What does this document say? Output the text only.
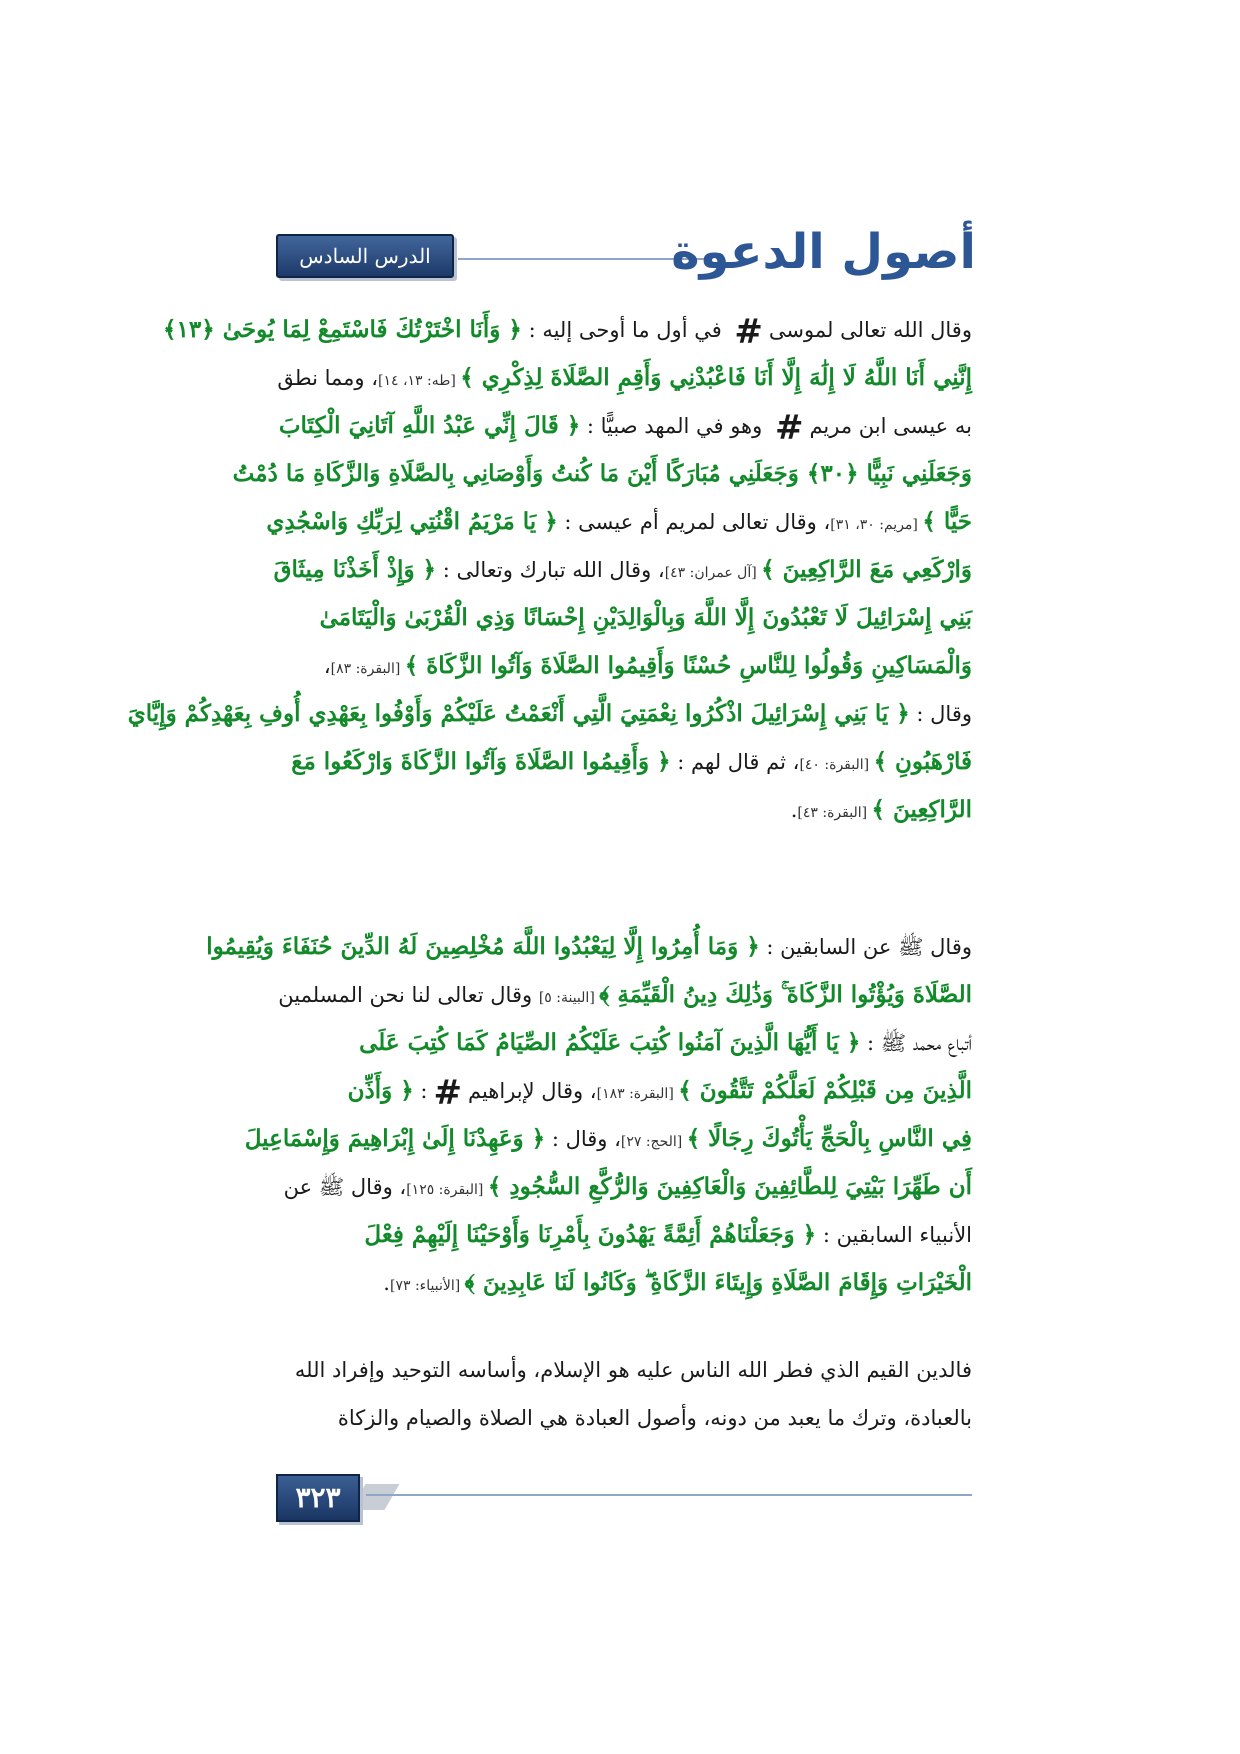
الدرس السادس عشر
أصول الدعوة
وقال الله تعالى لموسى# في أول ما أوحى إليه : ﴿ وَأَنَا اخْتَرْتُكَ فَاسْتَمِعْ لِمَا يُوحَىٰ ﴿١٣﴾
إِنَّنِي أَنَا اللَّهُ لَا إِلَٰهَ إِلَّا أَنَا فَاعْبُدْنِي وَأَقِمِ الصَّلَاةَ لِذِكْرِي ﴾ [طه: ١٣، ١٤]، ومما نطق
به عيسى ابن مريم# وهو في المهد صبيًّا : ﴿ قَالَ إِنِّي عَبْدُ اللَّهِ آتَانِيَ الْكِتَابَ
وَجَعَلَنِي نَبِيًّا ﴿٣٠﴾ وَجَعَلَنِي مُبَارَكًا أَيْنَ مَا كُنتُ وَأَوْصَانِي بِالصَّلَاةِ وَالزَّكَاةِ مَا دُمْتُ
حَيًّا ﴾ [مريم: ٣٠، ٣١]، وقال تعالى لمريم أم عيسى : ﴿ يَا مَرْيَمُ اقْنُتِي لِرَبِّكِ وَاسْجُدِي
وَارْكَعِي مَعَ الرَّاكِعِينَ ﴾ [آل عمران: ٤٣]، وقال الله تبارك وتعالى : ﴿ وَإِذْ أَخَذْنَا مِيثَاقَ
بَنِي إِسْرَائِيلَ لَا تَعْبُدُونَ إِلَّا اللَّهَ وَبِالْوَالِدَيْنِ إِحْسَانًا وَذِي الْقُرْبَىٰ وَالْيَتَامَىٰ
وَالْمَسَاكِينِ وَقُولُوا لِلنَّاسِ حُسْنًا وَأَقِيمُوا الصَّلَاةَ وَآتُوا الزَّكَاةَ ﴾ [البقرة: ٨٣]،
وقال : ﴿ يَا بَنِي إِسْرَائِيلَ اذْكُرُوا نِعْمَتِيَ الَّتِي أَنْعَمْتُ عَلَيْكُمْ وَأَوْفُوا بِعَهْدِي أُوفِ بِعَهْدِكُمْ وَإِيَّايَ
فَارْهَبُونِ ﴾ [البقرة: ٤٠]، ثم قال لهم : ﴿ وَأَقِيمُوا الصَّلَاةَ وَآتُوا الزَّكَاةَ وَارْكَعُوا مَعَ
الرَّاكِعِينَ ﴾ [البقرة: ٤٣].
وقال ﷺ عن السابقين : ﴿ وَمَا أُمِرُوا إِلَّا لِيَعْبُدُوا اللَّهَ مُخْلِصِينَ لَهُ الدِّينَ حُنَفَاءَ وَيُقِيمُوا
الصَّلَاةَ وَيُؤْتُوا الزَّكَاةَ ۚ وَذَٰلِكَ دِينُ الْقَيِّمَةِ ﴾ [البينة: ٥] وقال تعالى لنا نحن المسلمين
أتباع محمد ﷺ : ﴿ يَا أَيُّهَا الَّذِينَ آمَنُوا كُتِبَ عَلَيْكُمُ الصِّيَامُ كَمَا كُتِبَ عَلَى
الَّذِينَ مِن قَبْلِكُمْ لَعَلَّكُمْ تَتَّقُونَ ﴾ [البقرة: ١٨٣]، وقال لإبراهيم#: ﴿ وَأَذِّن
فِي النَّاسِ بِالْحَجِّ يَأْتُوكَ رِجَالًا ﴾ [الحج: ٢٧]، وقال : ﴿ وَعَهِدْنَا إِلَىٰ إِبْرَاهِيمَ وَإِسْمَاعِيلَ
أَن طَهِّرَا بَيْتِيَ لِلطَّائِفِينَ وَالْعَاكِفِينَ وَالرُّكَّعِ السُّجُودِ ﴾ [البقرة: ١٢٥]، وقال ﷺ عن
الأنبياء السابقين : ﴿ وَجَعَلْنَاهُمْ أَئِمَّةً يَهْدُونَ بِأَمْرِنَا وَأَوْحَيْنَا إِلَيْهِمْ فِعْلَ
الْخَيْرَاتِ وَإِقَامَ الصَّلَاةِ وَإِيتَاءَ الزَّكَاةِ ۖ وَكَانُوا لَنَا عَابِدِينَ ﴾ [الأنبياء: ٧٣].
فالدين القيم الذي فطر الله الناس عليه هو الإسلام، وأساسه التوحيد وإفراد الله
بالعبادة، وترك ما يعبد من دونه، وأصول العبادة هي الصلاة والصيام والزكاة
٣٢٣
